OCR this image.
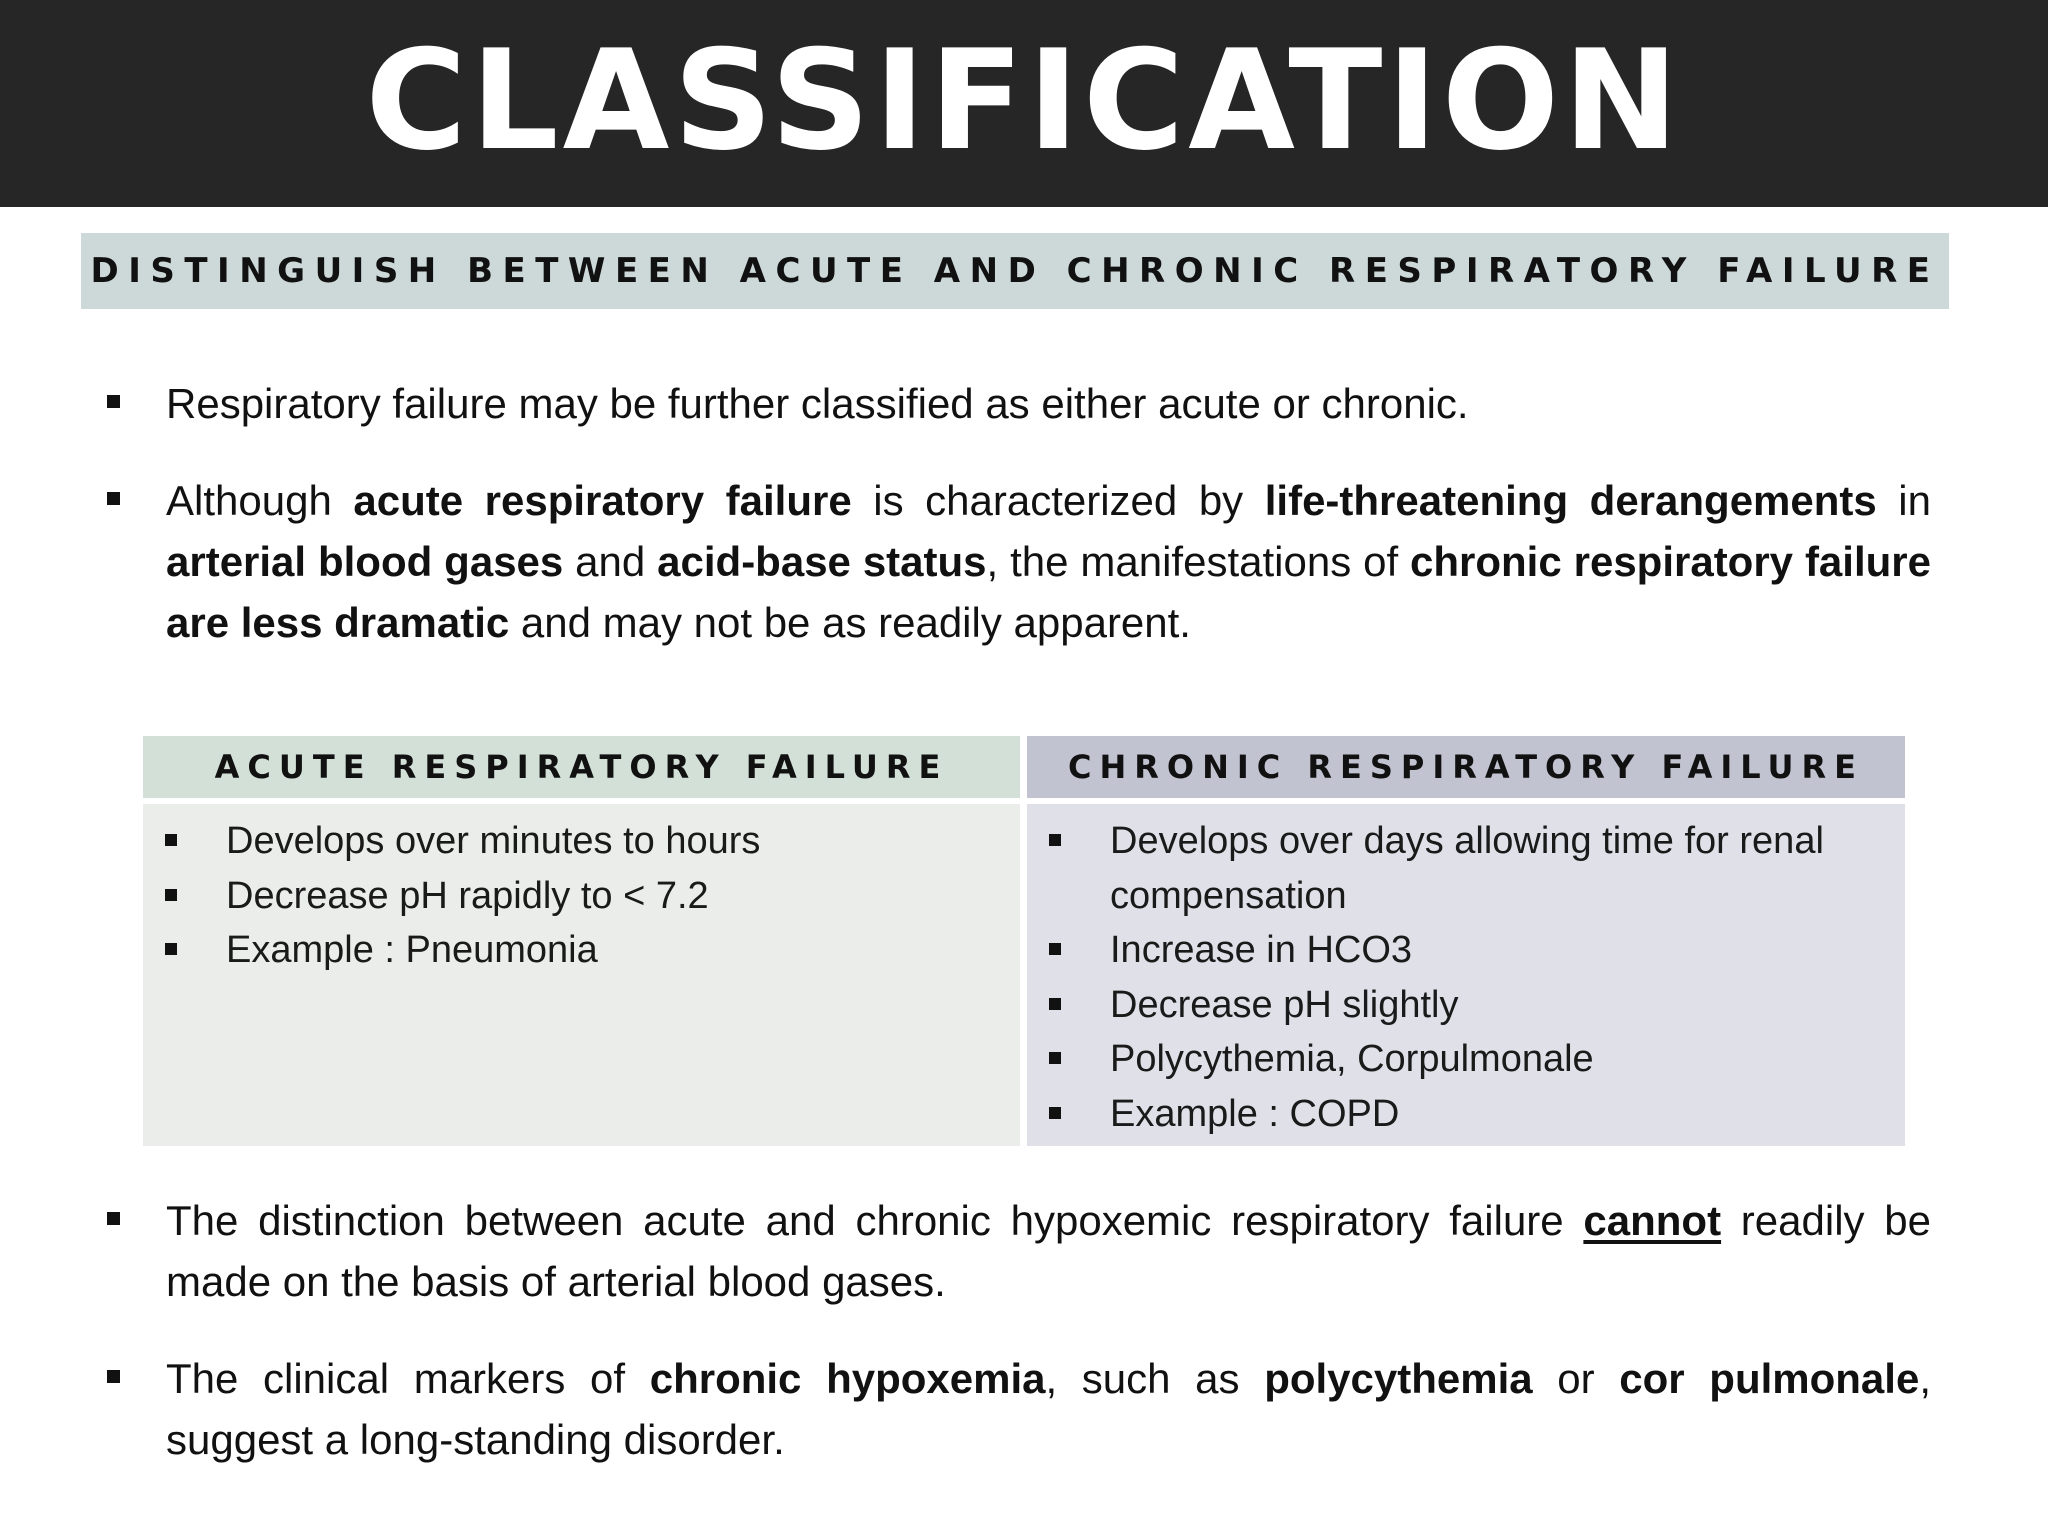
CLASSIFICATION
DISTINGUISH BETWEEN ACUTE AND CHRONIC RESPIRATORY FAILURE
Respiratory failure may be further classified as either acute or chronic.
Although acute respiratory failure is characterized by life-threatening derangements in arterial blood gases and acid-base status, the manifestations of chronic respiratory failure are less dramatic and may not be as readily apparent.
ACUTE RESPIRATORY FAILURE
Develops over minutes to hours
Decrease pH rapidly to < 7.2
Example : Pneumonia
CHRONIC RESPIRATORY FAILURE
Develops over days allowing time for renal compensation
Increase in HCO3
Decrease pH slightly
Polycythemia, Corpulmonale
Example : COPD
The distinction between acute and chronic hypoxemic respiratory failure cannot readily be made on the basis of arterial blood gases.
The clinical markers of chronic hypoxemia, such as polycythemia or cor pulmonale, suggest a long-standing disorder.
